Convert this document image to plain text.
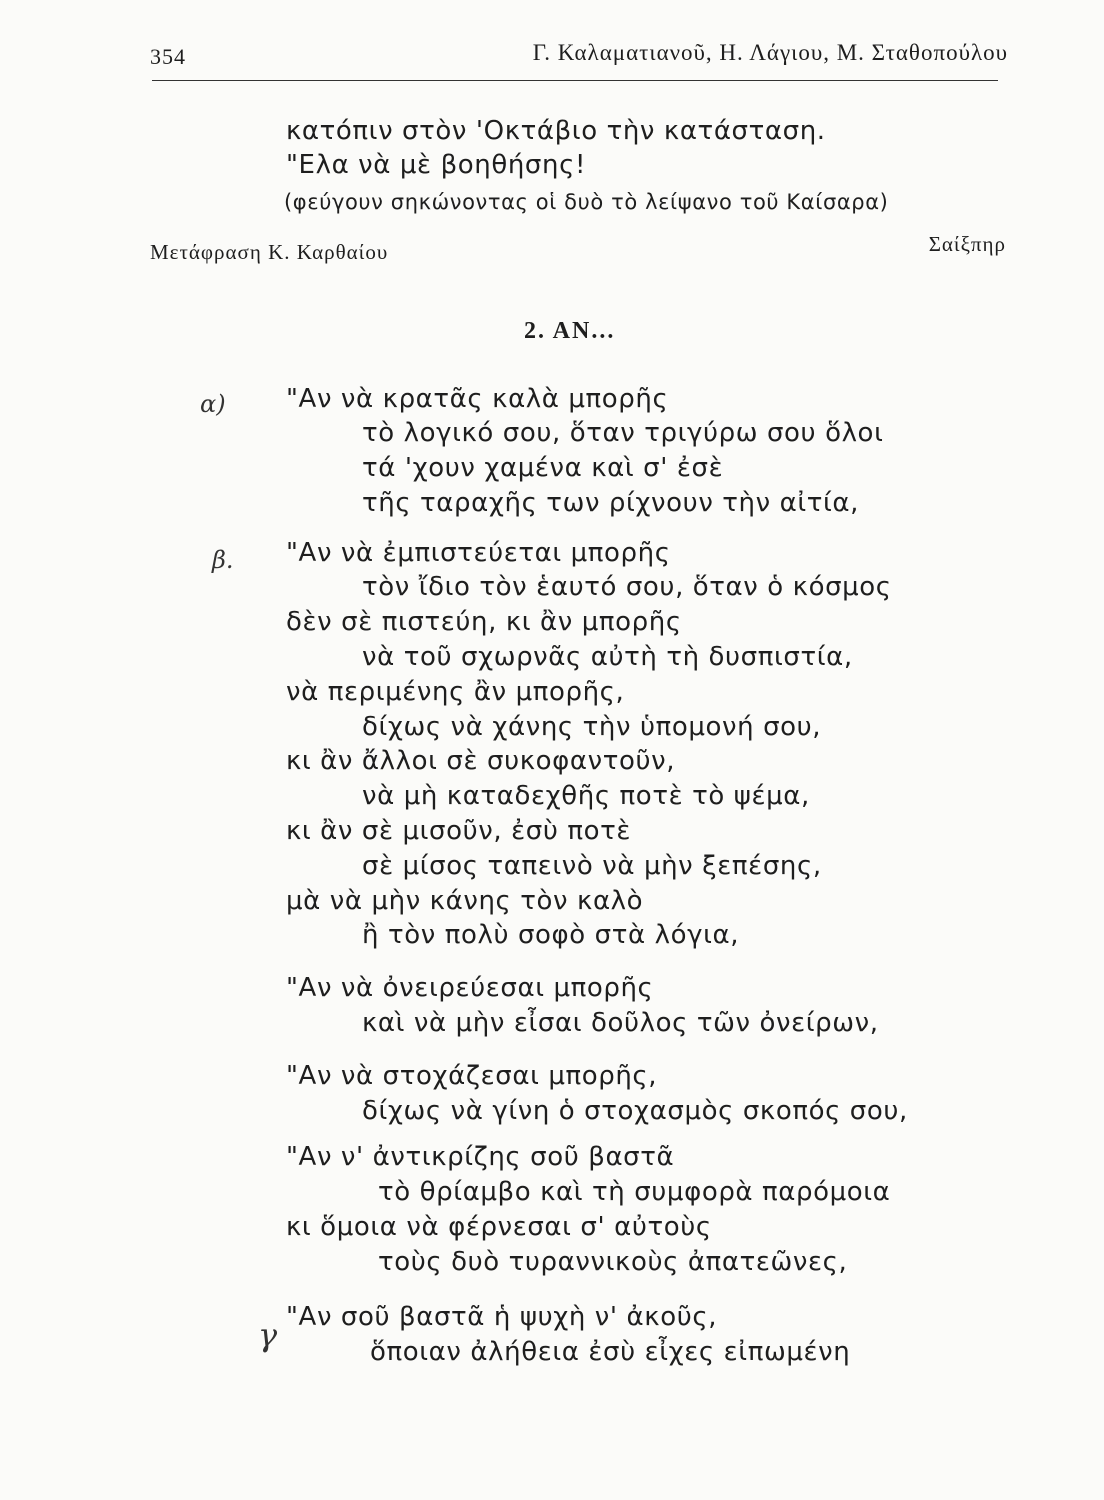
354	Γ. Καλαματιανοῦ, Η. Λάγιου, Μ. Σταθοπούλου
κατόπιν στὸν 'Οκτάβιο τὴν κατάσταση.
"Ελα νὰ μὲ βοηθήσης!
(φεύγουν σηκώνοντας οἱ δυὸ τὸ λείψανο τοῦ Καίσαρα)
Μετάφραση Κ. Καρθαίου	Σαίξπηρ
2. ΑΝ...
α)
β.
γ
"Αν νὰ κρατᾶς καλὰ μπορῆς
τὸ λογικό σου, ὅταν τριγύρω σου ὅλοι
τά 'χουν χαμένα καὶ σ' ἐσὲ
τῆς ταραχῆς των ρίχνουν τὴν αἰτία,
"Αν νὰ ἐμπιστεύεται μπορῆς
τὸν ἴδιο τὸν ἑαυτό σου, ὅταν ὁ κόσμος
δὲν σὲ πιστεύη, κι ἂν μπορῆς
νὰ τοῦ σχωρνᾶς αὐτὴ τὴ δυσπιστία,
νὰ περιμένης ἂν μπορῆς,
δίχως νὰ χάνης τὴν ὑπομονή σου,
κι ἂν ἄλλοι σὲ συκοφαντοῦν,
νὰ μὴ καταδεχθῆς ποτὲ τὸ ψέμα,
κι ἂν σὲ μισοῦν, ἐσὺ ποτὲ
σὲ μίσος ταπεινὸ νὰ μὴν ξεπέσης,
μὰ νὰ μὴν κάνης τὸν καλὸ
ἢ τὸν πολὺ σοφὸ στὰ λόγια,
"Αν νὰ ὀνειρεύεσαι μπορῆς
καὶ νὰ μὴν εἶσαι δοῦλος τῶν ὀνείρων,
"Αν νὰ στοχάζεσαι μπορῆς,
δίχως νὰ γίνη ὁ στοχασμὸς σκοπός σου,
"Αν ν' ἀντικρίζης σοῦ βαστᾶ
τὸ θρίαμβο καὶ τὴ συμφορὰ παρόμοια
κι ὅμοια νὰ φέρνεσαι σ' αὐτοὺς
τοὺς δυὸ τυραννικοὺς ἀπατεῶνες,
"Αν σοῦ βαστᾶ ἡ ψυχὴ ν' ἀκοῦς,
ὅποιαν ἀλήθεια ἐσὺ εἶχες εἰπωμένη
